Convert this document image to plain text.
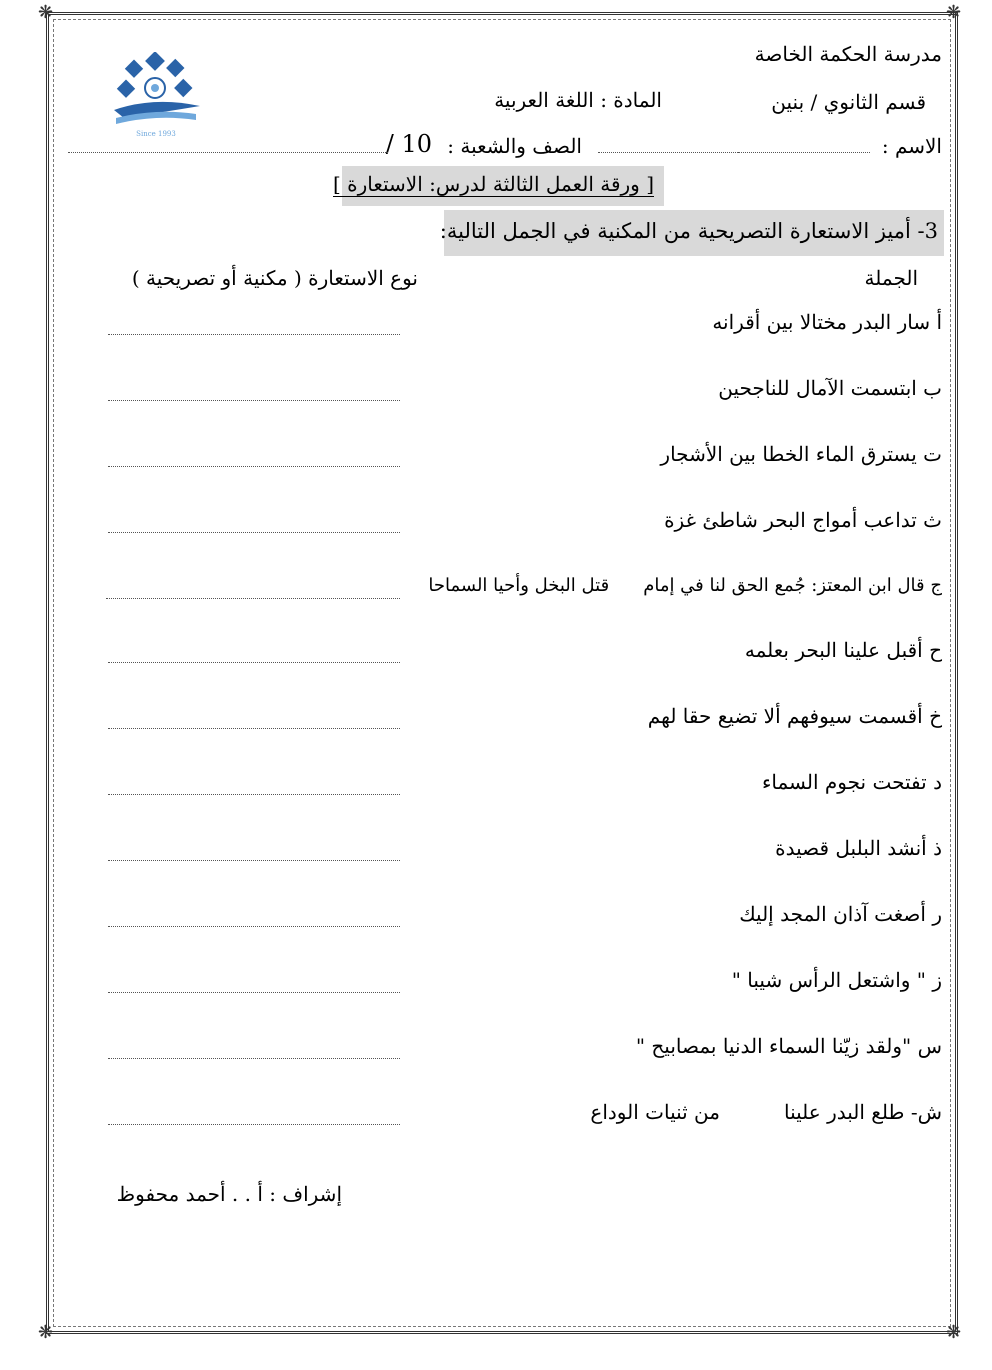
❋	❋
❋	❋
Since 1993
مدرسة الحكمة الخاصة
قسم الثانوي / بنين
المادة : اللغة العربية
الاسم :
الصف والشعبة :
10 /
[ ورقة العمل الثالثة لدرس: الاستعارة ]
3- أميز الاستعارة التصريحية من المكنية في الجمل التالية:
الجملة
نوع الاستعارة ( مكنية أو تصريحية )
أ سار البدر مختالا بين أقرانه
ب ابتسمت الآمال للناجحين
ت يسترق الماء الخطا بين الأشجار
ث تداعب أمواج البحر شاطئ غزة
ج قال ابن المعتز: جُمع الحق لنا في إمامقتل البخل وأحيا السماحا
ح أقبل علينا البحر بعلمه
خ أقسمت سيوفهم ألا تضيع حقا لهم
د تفتحت نجوم السماء
ذ أنشد البلبل قصيدة
ر أصغت آذان المجد إليك
ز " واشتعل الرأس شيبا "
س "ولقد زيّنا السماء الدنيا بمصابيح "
ش- طلع البدر علينامن ثنيات الوداع
إشراف : أ . . أحمد محفوظ
